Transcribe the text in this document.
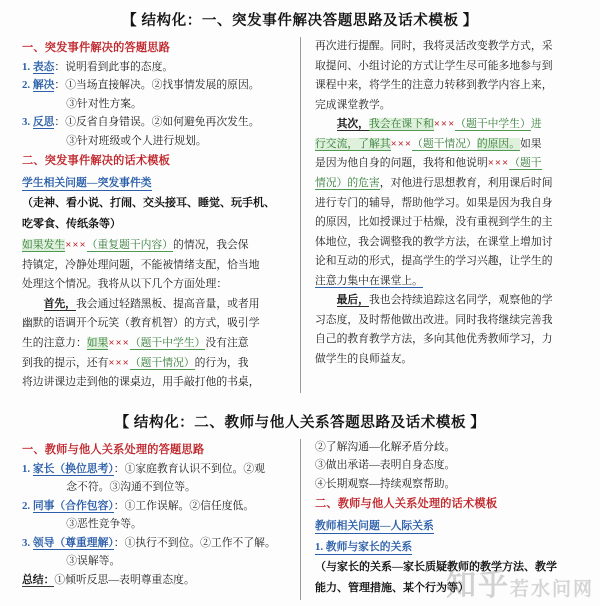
【 结构化：一、突发事件解决答题思路及话术模板 】
一、突发事件解决的答题思路
1. 表态：说明看到此事的态度。
2. 解决：①当场直接解决。②找事情发展的原因。
③针对性方案。
3. 反思：①反省自身错误。②如何避免再次发生。
③针对班级或个人进行规划。
二、突发事件解决的话术模板
学生相关问题—突发事件类
（走神、看小说、打闹、交头接耳、睡觉、玩手机、
吃零食、传纸条等）
如果发生×××（重复题干内容）的情况，我会保
持镇定，冷静处理问题，不能被情绪支配，恰当地
处理这个情况。我将从以下几个方面处理：
首先，我会通过轻踏黑板、提高音量，或者用
幽默的语调开个玩笑（教育机智）的方式，吸引学
生的注意力：如果×××（题干中学生）没有注意
到我的提示，还有×××（题干情况）的行为，我
将边讲课边走到他的课桌边，用手敲打他的书桌，
再次进行提醒。同时，我将灵活改变教学方式，采
取提问、小组讨论的方式让学生尽可能多地参与到
课程中来，将学生的注意力转移到教学内容上来，
完成课堂教学。
其次，我会在课下和×××（题干中学生）进
行交流，了解其×××（题干情况）的原因。如果
是因为他自身的问题，我将和他说明×××（题干
情况）的危害，对他进行思想教育，利用课后时间
进行专门的辅导，帮助他学习。如果是因为我自身
的原因，比如授课过于枯燥，没有重视到学生的主
体地位，我会调整我的教学方法，在课堂上增加讨
论和互动的形式，提高学生的学习兴趣，让学生的
注意力集中在课堂上。
最后，我也会持续追踪这名同学，观察他的学
习态度，及时帮他做出改进。同时我将继续完善我
自己的教育教学方法，多向其他优秀教师学习，力
做学生的良师益友。
【 结构化：二、教师与他人关系答题思路及话术模板 】
一、教师与他人关系处理的答题思路
1. 家长（换位思考）：①家庭教育认识不到位。②观
念不符。③沟通不到位等。
2. 同事（合作包容）：①工作误解。②信任度低。
③恶性竞争等。
3. 领导（尊重理解）：①执行不到位。②工作不了解。
③误解等。
总结：①倾听反思—表明尊重态度。
②了解沟通—化解矛盾分歧。
③做出承诺—表明自身态度。
④长期观察—持续观察帮助。
二、教师与他人关系处理的话术模板
教师相关问题—人际关系
1. 教师与家长的关系
（与家长的关系—家长质疑教师的教学方法、教学
能力、管理措施、某个行为等）
知乎若水问网
